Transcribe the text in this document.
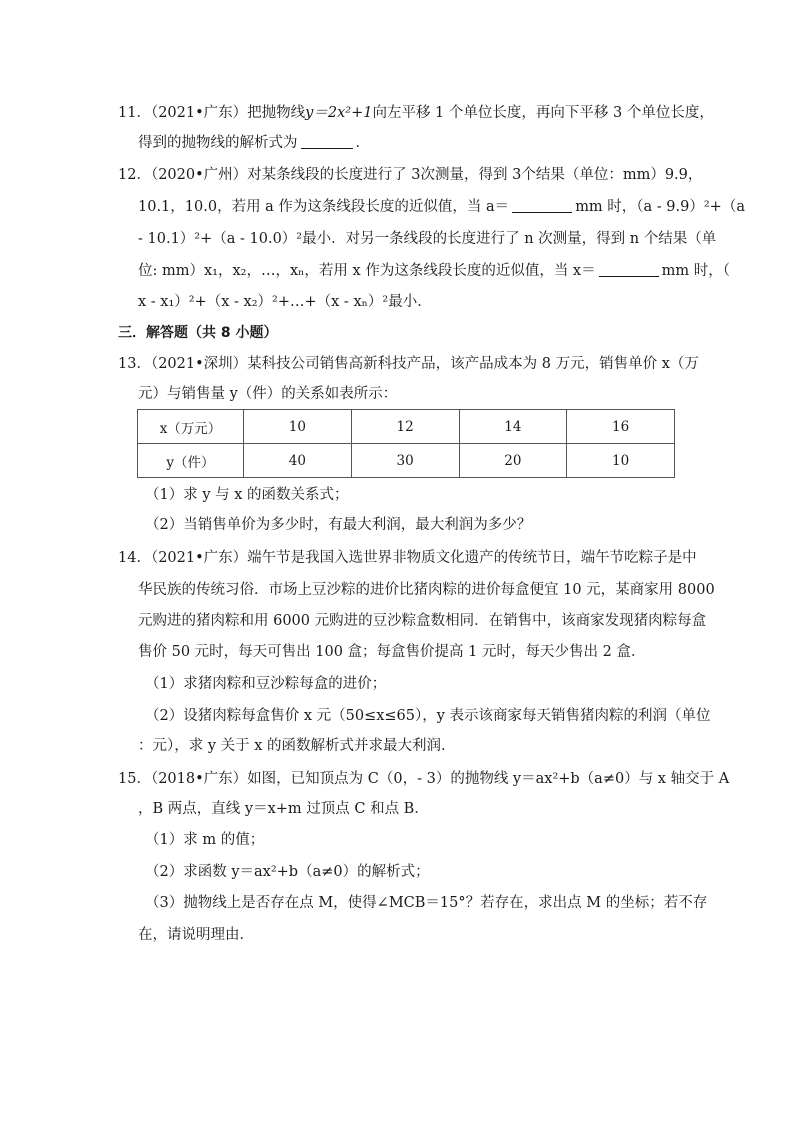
11．（2021•广东）把抛物线y＝2x²+1向左平移 1 个单位长度，再向下平移 3 个单位长度，
得到的抛物线的解析式为	．
12．（2020•广州）对某条线段的长度进行了 3次测量，得到 3个结果（单位：mm）9.9，
10.1，10.0，若用 a 作为这条线段长度的近似值，当 a＝	mm 时，（a - 9.9）²+（a
- 10.1）²+（a - 10.0）²最小．对另一条线段的长度进行了 n 次测量，得到 n 个结果（单
位: mm）x₁，x₂，…，xₙ，若用 x 作为这条线段长度的近似值，当 x＝	mm 时，（
x - x₁）²+（x - x₂）²+…+（x - xₙ）²最小．
三．解答题（共 8 小题）
13．（2021•深圳）某科技公司销售高新科技产品，该产品成本为 8 万元，销售单价 x（万
元）与销售量 y（件）的关系如表所示：
x（万元）	10	12	14	16
y（件）	40	30	20	10
（1）求 y 与 x 的函数关系式；
（2）当销售单价为多少时，有最大利润，最大利润为多少？
14．（2021•广东）端午节是我国入选世界非物质文化遗产的传统节日，端午节吃粽子是中
华民族的传统习俗．市场上豆沙粽的进价比猪肉粽的进价每盒便宜 10 元，某商家用 8000
元购进的猪肉粽和用 6000 元购进的豆沙粽盒数相同．在销售中，该商家发现猪肉粽每盒
售价 50 元时，每天可售出 100 盒；每盒售价提高 1 元时，每天少售出 2 盒．
（1）求猪肉粽和豆沙粽每盒的进价；
（2）设猪肉粽每盒售价 x 元（50≤x≤65），y 表示该商家每天销售猪肉粽的利润（单位
：元），求 y 关于 x 的函数解析式并求最大利润．
15．（2018•广东）如图，已知顶点为 C（0，- 3）的抛物线 y＝ax²+b（a≠0）与 x 轴交于 A
，B 两点，直线 y＝x+m 过顶点 C 和点 B．
（1）求 m 的值；
（2）求函数 y＝ax²+b（a≠0）的解析式；
（3）抛物线上是否存在点 M，使得∠MCB＝15°？若存在，求出点 M 的坐标；若不存
在，请说明理由．
